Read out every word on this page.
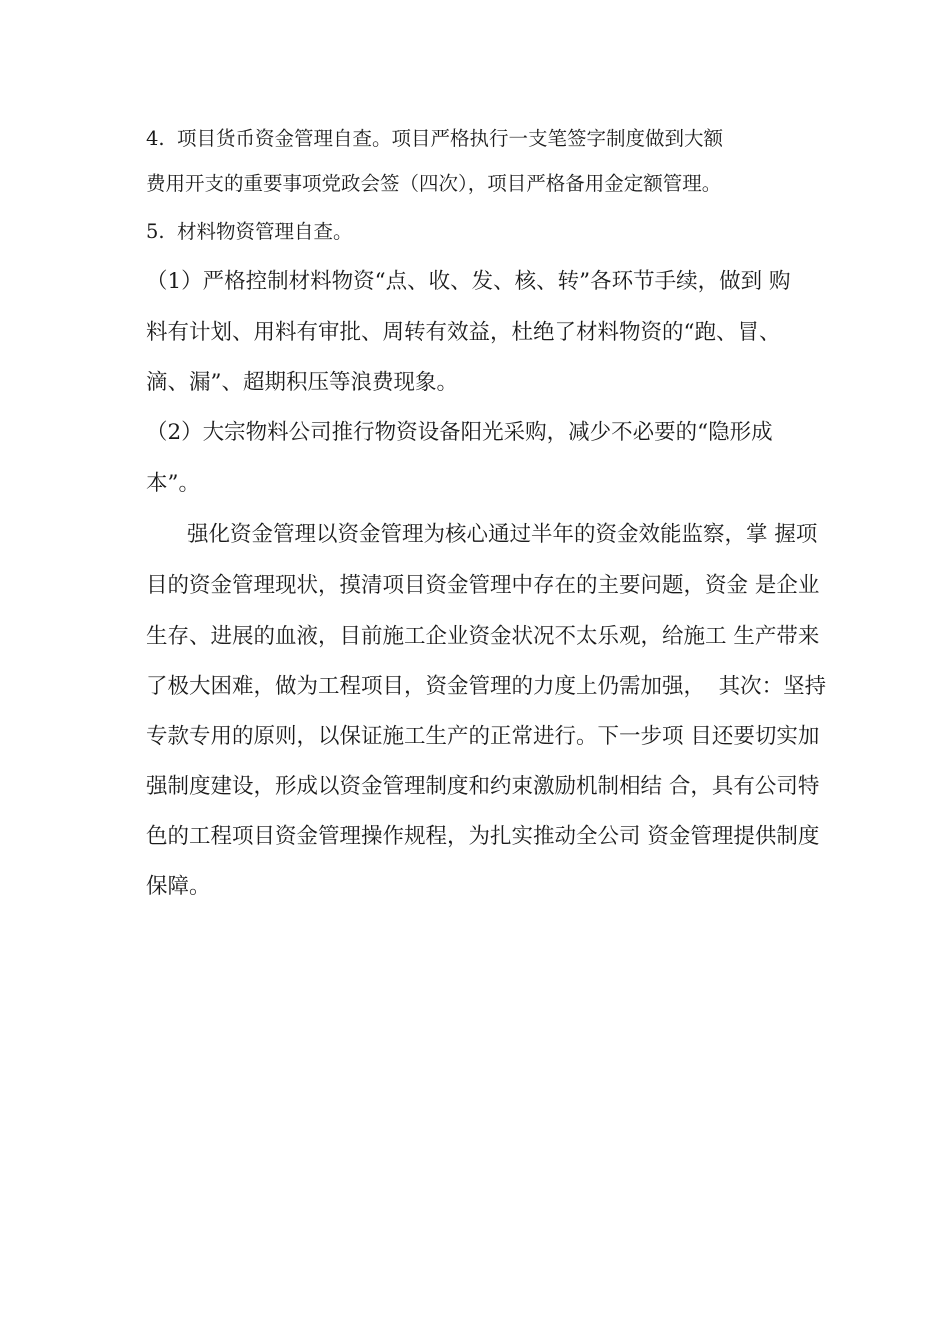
4.  项目货币资金管理自查。项目严格执行一支笔签字制度做到大额
费用开支的重要事项党政会签（四次），项目严格备用金定额管理。
5.  材料物资管理自查。
（1）严格控制材料物资“点、收、发、核、转”各环节手续，做到 购
料有计划、用料有审批、周转有效益，杜绝了材料物资的“跑、冒、
滴、漏”、超期积压等浪费现象。
（2）大宗物料公司推行物资设备阳光采购，减少不必要的“隐形成
本”。
强化资金管理以资金管理为核心通过半年的资金效能监察，掌 握项
目的资金管理现状，摸清项目资金管理中存在的主要问题，资金 是企业
生存、进展的血液，目前施工企业资金状况不太乐观，给施工 生产带来
了极大困难，做为工程项目，资金管理的力度上仍需加强，  其次：坚持
专款专用的原则，以保证施工生产的正常进行。下一步项 目还要切实加
强制度建设，形成以资金管理制度和约束激励机制相结 合，具有公司特
色的工程项目资金管理操作规程，为扎实推动全公司 资金管理提供制度
保障。
